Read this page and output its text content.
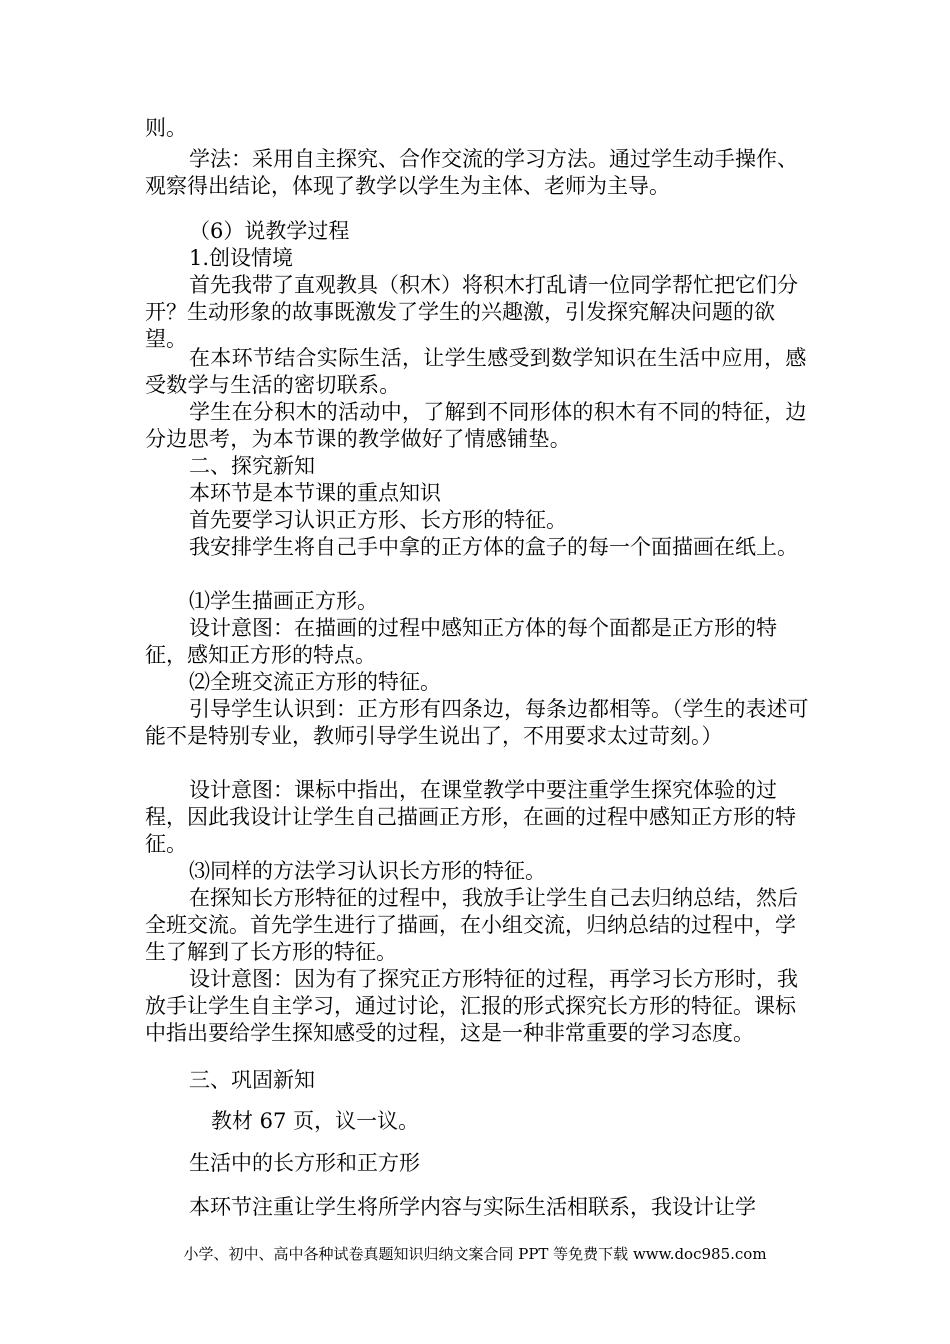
则。

学法：采用自主探究、合作交流的学习方法。通过学生动手操作、观察得出结论，体现了教学以学生为主体、老师为主导。

（6）说教学过程

1.创设情境

首先我带了直观教具（积木）将积木打乱请一位同学帮忙把它们分开？生动形象的故事既激发了学生的兴趣激，引发探究解决问题的欲望。

在本环节结合实际生活，让学生感受到数学知识在生活中应用，感受数学与生活的密切联系。

学生在分积木的活动中，了解到不同形体的积木有不同的特征，边分边思考，为本节课的教学做好了情感铺垫。

二、探究新知

本环节是本节课的重点知识

首先要学习认识正方形、长方形的特征。

我安排学生将自己手中拿的正方体的盒子的每一个面描画在纸上。

⑴学生描画正方形。

设计意图：在描画的过程中感知正方体的每个面都是正方形的特征，感知正方形的特点。

⑵全班交流正方形的特征。

引导学生认识到：正方形有四条边，每条边都相等。（学生的表述可能不是特别专业，教师引导学生说出了，不用要求太过苛刻。）

设计意图：课标中指出，在课堂教学中要注重学生探究体验的过程，因此我设计让学生自己描画正方形，在画的过程中感知正方形的特征。

⑶同样的方法学习认识长方形的特征。

在探知长方形特征的过程中，我放手让学生自己去归纳总结，然后全班交流。首先学生进行了描画，在小组交流，归纳总结的过程中，学生了解到了长方形的特征。

设计意图：因为有了探究正方形特征的过程，再学习长方形时，我放手让学生自主学习，通过讨论，汇报的形式探究长方形的特征。课标中指出要给学生探知感受的过程，这是一种非常重要的学习态度。

三、巩固新知

教材 67 页，议一议。

生活中的长方形和正方形

本环节注重让学生将所学内容与实际生活相联系，我设计让学

小学、初中、高中各种试卷真题知识归纳文案合同 PPT 等免费下载 www.doc985.com
